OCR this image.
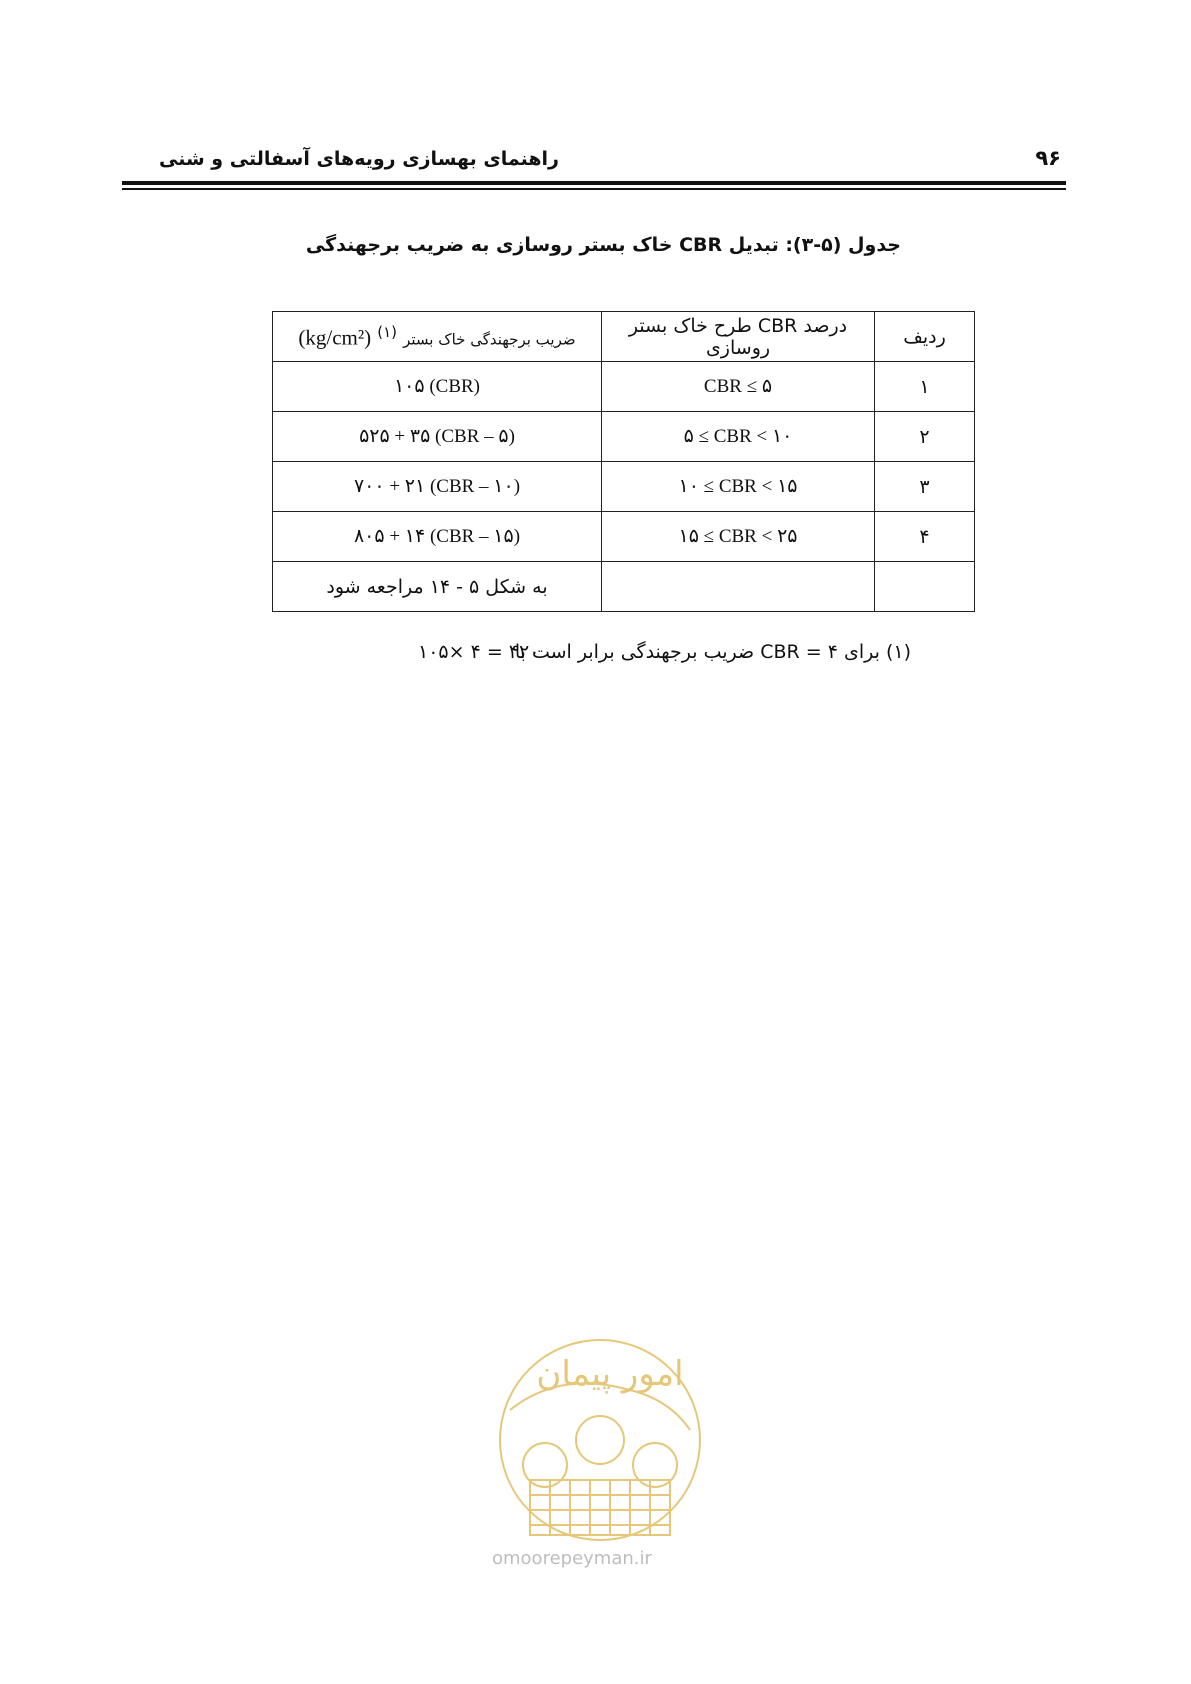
راهنمای بهسازی رویه‌های آسفالتی و شنی	۹۶
جدول (۵-۳): تبدیل CBR خاک بستر روسازی به ضریب برجهندگی
ردیف	درصد CBR طرح خاک بستر روسازی	ضریب برجهندگی خاک بستر $^{(۱)}$ (kg/cm²)
۱	CBR ≤ ۵	۱۰۵ (CBR)
۲	۵ ≤ CBR < ۱۰	۵۲۵ + ۳۵ (CBR – ۵)
۳	۱۰ ≤ CBR < ۱۵	۷۰۰ + ۲۱ (CBR – ۱۰)
۴	۱۵ ≤ CBR < ۲۵	۸۰۵ + ۱۴ (CBR – ۱۵)
		به شکل ۵ - ۱۴ مراجعه شود
(۱) برای CBR = ۴ ضریب برجهندگی برابر است با
۱۰۵× ۴ = ۴۲۰
امور پیمان
omoorepeyman.ir
